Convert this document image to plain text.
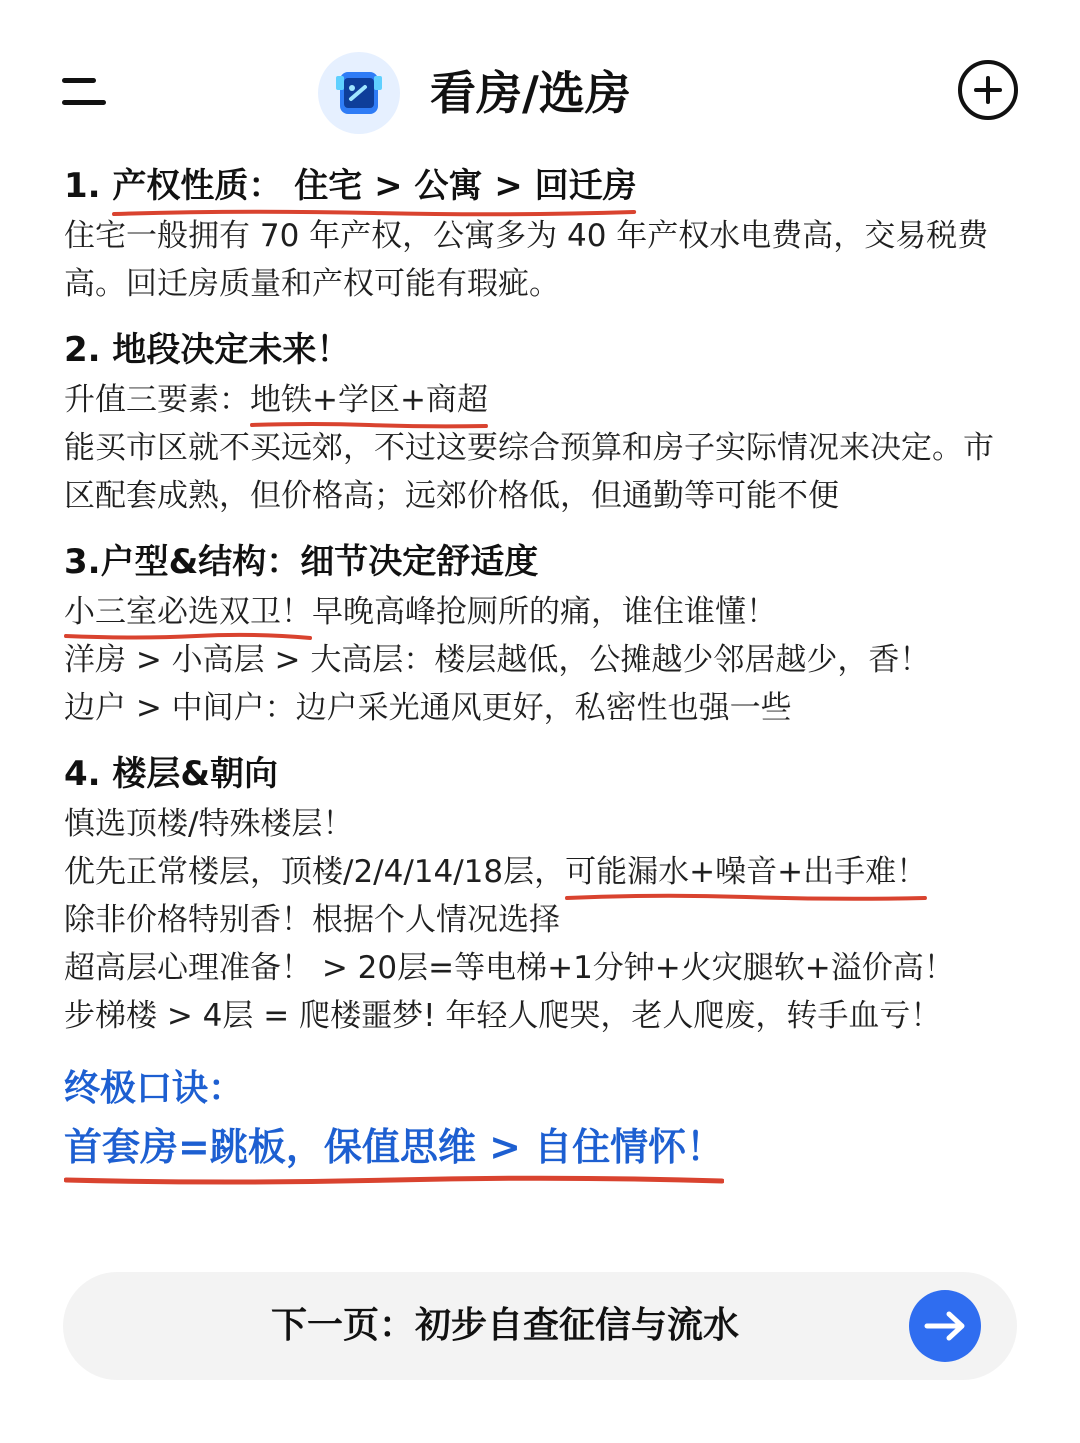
看房/选房
1. 产权性质： 住宅 > 公寓 > 回迁房
住宅一般拥有 70 年产权，公寓多为 40 年产权水电费高，交易税费高。回迁房质量和产权可能有瑕疵。
2. 地段决定未来！
升值三要素：地铁+学区+商超
能买市区就不买远郊，不过这要综合预算和房子实际情况来决定。市区配套成熟，但价格高；远郊价格低，但通勤等可能不便
3.户型&结构：细节决定舒适度
小三室必选双卫！
早晚高峰抢厕所的痛，谁住谁懂！
洋房 > 小高层 > 大高层：楼层越低，公摊越少邻居越少，香！
边户 > 中间户：边户采光通风更好，私密性也强一些
4. 楼层&朝向
慎选顶楼/特殊楼层！
优先正常楼层，顶楼/2/4/14/18层，可能漏水+噪音+出手难！
除非价格特别香！根据个人情况选择
超高层心理准备！ > 20层=等电梯+1分钟+火灾腿软+溢价高！
步梯楼 > 4层 = 爬楼噩梦! 年轻人爬哭，老人爬废，转手血亏！
终极口诀：
首套房=跳板，保值思维 > 自住情怀！
下一页：初步自查征信与流水
